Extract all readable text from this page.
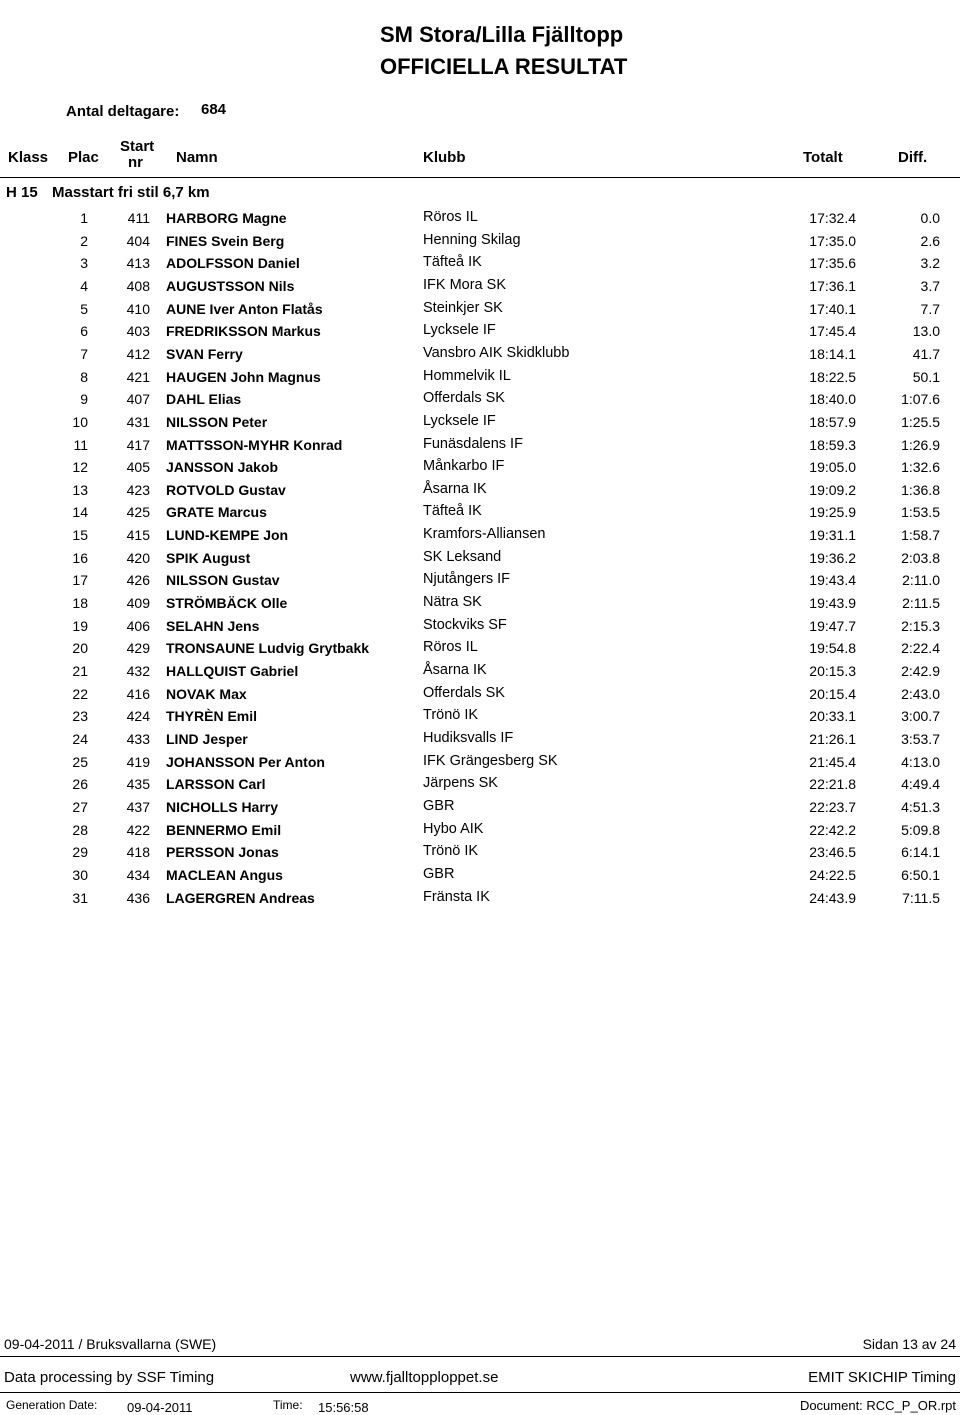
SM Stora/Lilla Fjälltopp
OFFICIELLA RESULTAT
Antal deltagare: 684
Klass Plac
Start
nr	Namn	Klubb	Totalt	Diff.
H 15 Masstart fri stil 6,7 km
1	411 HARBORG Magne	Röros IL	17:32.4	0.0
2	404 FINES Svein Berg	Henning Skilag	17:35.0	2.6
3	413 ADOLFSSON Daniel	Täfteå IK	17:35.6	3.2
4	408 AUGUSTSSON Nils	IFK Mora SK	17:36.1	3.7
5	410 AUNE Iver Anton Flatås	Steinkjer SK	17:40.1	7.7
6	403 FREDRIKSSON Markus	Lycksele IF	17:45.4	13.0
7	412 SVAN Ferry	Vansbro AIK Skidklubb	18:14.1	41.7
8	421 HAUGEN John Magnus	Hommelvik IL	18:22.5	50.1
9	407 DAHL Elias	Offerdals SK	18:40.0	1:07.6
10	431 NILSSON Peter	Lycksele IF	18:57.9	1:25.5
11	417 MATTSSON-MYHR Konrad	Funäsdalens IF	18:59.3	1:26.9
12	405 JANSSON Jakob	Månkarbo IF	19:05.0	1:32.6
13	423 ROTVOLD Gustav	Åsarna IK	19:09.2	1:36.8
14	425 GRATE Marcus	Täfteå IK	19:25.9	1:53.5
15	415 LUND-KEMPE Jon	Kramfors-Alliansen	19:31.1	1:58.7
16	420 SPIK August	SK Leksand	19:36.2	2:03.8
17	426 NILSSON Gustav	Njutångers IF	19:43.4	2:11.0
18	409 STRÖMBÄCK Olle	Nätra SK	19:43.9	2:11.5
19	406 SELAHN Jens	Stockviks SF	19:47.7	2:15.3
20	429 TRONSAUNE Ludvig Grytbakk	Röros IL	19:54.8	2:22.4
21	432 HALLQUIST Gabriel	Åsarna IK	20:15.3	2:42.9
22	416 NOVAK Max	Offerdals SK	20:15.4	2:43.0
23	424 THYRÈN Emil	Trönö IK	20:33.1	3:00.7
24	433 LIND Jesper	Hudiksvalls IF	21:26.1	3:53.7
25	419 JOHANSSON Per Anton	IFK Grängesberg SK	21:45.4	4:13.0
26	435 LARSSON Carl	Järpens SK	22:21.8	4:49.4
27	437 NICHOLLS Harry	GBR	22:23.7	4:51.3
28	422 BENNERMO Emil	Hybo AIK	22:42.2	5:09.8
29	418 PERSSON Jonas	Trönö IK	23:46.5	6:14.1
30	434 MACLEAN Angus	GBR	24:22.5	6:50.1
31	436 LAGERGREN Andreas	Fränsta IK	24:43.9	7:11.5
09-04-2011 / Bruksvallarna (SWE)	Sidan 13 av 24
Data processing by SSF Timing	www.fjalltopploppet.se	EMIT SKICHIP Timing
Generation Date: 09-04-2011	Time: 15:56:58	Document: RCC_P_OR.rpt
